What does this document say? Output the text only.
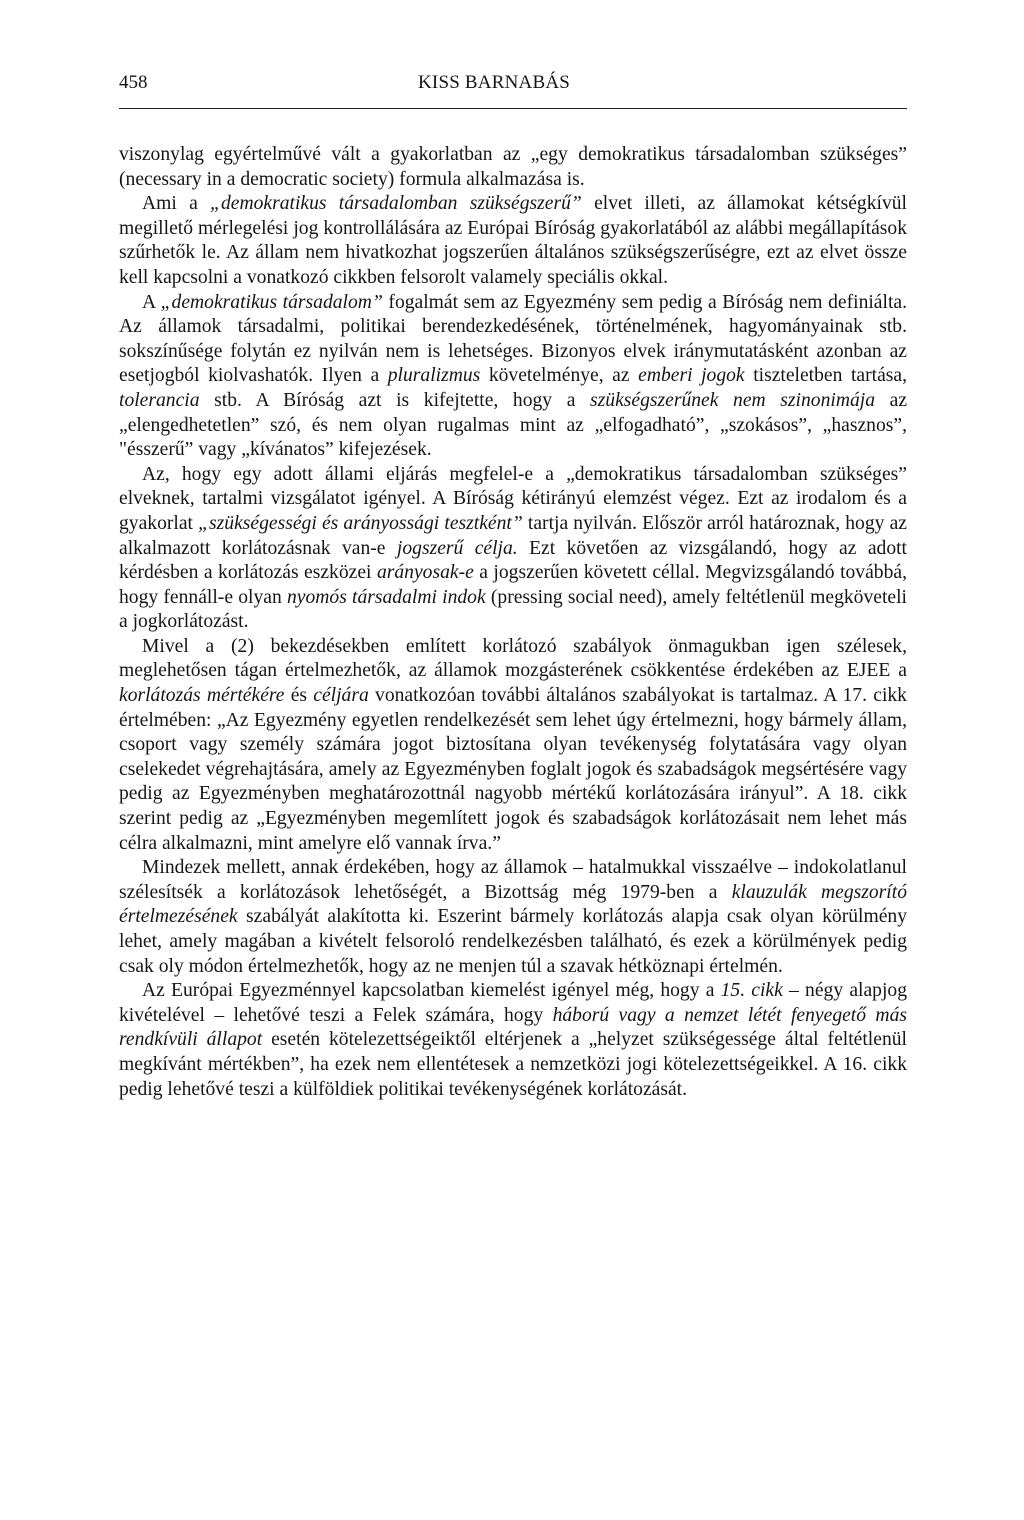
458	KISS BARNABÁS

viszonylag egyértelművé vált a gyakorlatban az „egy demokratikus társadalomban szükséges” (necessary in a democratic society) formula alkalmazása is.

Ami a „demokratikus társadalomban szükségszerű” elvet illeti, az államokat kétségkívül megillető mérlegelési jog kontrollálására az Európai Bíróság gyakorlatából az alábbi megállapítások szűrhetők le. Az állam nem hivatkozhat jogszerűen általános szükségszerűségre, ezt az elvet össze kell kapcsolni a vonatkozó cikkben felsorolt valamely speciális okkal.

A „demokratikus társadalom” fogalmát sem az Egyezmény sem pedig a Bíróság nem definiálta. Az államok társadalmi, politikai berendezkedésének, történelmének, hagyományainak stb. sokszínűsége folytán ez nyilván nem is lehetséges. Bizonyos elvek iránymutatásként azonban az esetjogból kiolvashatók. Ilyen a pluralizmus követelménye, az emberi jogok tiszteletben tartása, tolerancia stb. A Bíróság azt is kifejtette, hogy a szükségszerűnek nem szinonimája az „elengedhetetlen” szó, és nem olyan rugalmas mint az „elfogadható”, „szokásos”, „hasznos”, "ésszerű” vagy „kívánatos” kifejezések.

Az, hogy egy adott állami eljárás megfelel-e a „demokratikus társadalomban szükséges” elveknek, tartalmi vizsgálatot igényel. A Bíróság kétirányú elemzést végez. Ezt az irodalom és a gyakorlat „szükségességi és arányossági tesztként” tartja nyilván. Először arról határoznak, hogy az alkalmazott korlátozásnak van-e jogszerű célja. Ezt követően az vizsgálandó, hogy az adott kérdésben a korlátozás eszközei arányosak-e a jogszerűen követett céllal. Megvizsgálandó továbbá, hogy fennáll-e olyan nyomós társadalmi indok (pressing social need), amely feltétlenül megköveteli a jogkorlátozást.

Mivel a (2) bekezdésekben említett korlátozó szabályok önmagukban igen szélesek, meglehetősen tágan értelmezhetők, az államok mozgásterének csökkentése érdekében az EJEE a korlátozás mértékére és céljára vonatkozóan további általános szabályokat is tartalmaz. A 17. cikk értelmében: „Az Egyezmény egyetlen rendelkezését sem lehet úgy értelmezni, hogy bármely állam, csoport vagy személy számára jogot biztosítana olyan tevékenység folytatására vagy olyan cselekedet végrehajtására, amely az Egyezményben foglalt jogok és szabadságok megsértésére vagy pedig az Egyezményben meghatározottnál nagyobb mértékű korlátozására irányul”. A 18. cikk szerint pedig az „Egyezményben megemlített jogok és szabadságok korlátozásait nem lehet más célra alkalmazni, mint amelyre elő vannak írva.”

Mindezek mellett, annak érdekében, hogy az államok – hatalmukkal visszaélve – indokolatlanul szélesítsék a korlátozások lehetőségét, a Bizottság még 1979-ben a klauzulák megszorító értelmezésének szabályát alakította ki. Eszerint bármely korlátozás alapja csak olyan körülmény lehet, amely magában a kivételt felsoroló rendelkezésben található, és ezek a körülmények pedig csak oly módon értelmezhetők, hogy az ne menjen túl a szavak hétköznapi értelmén.

Az Európai Egyezménnyel kapcsolatban kiemelést igényel még, hogy a 15. cikk – négy alapjog kivételével – lehetővé teszi a Felek számára, hogy háború vagy a nemzet létét fenyegető más rendkívüli állapot esetén kötelezettségeiktől eltérjenek a „helyzet szükségessége által feltétlenül megkívánt mértékben”, ha ezek nem ellentétesek a nemzetközi jogi kötelezettségeikkel. A 16. cikk pedig lehetővé teszi a külföldiek politikai tevékenységének korlátozását.
